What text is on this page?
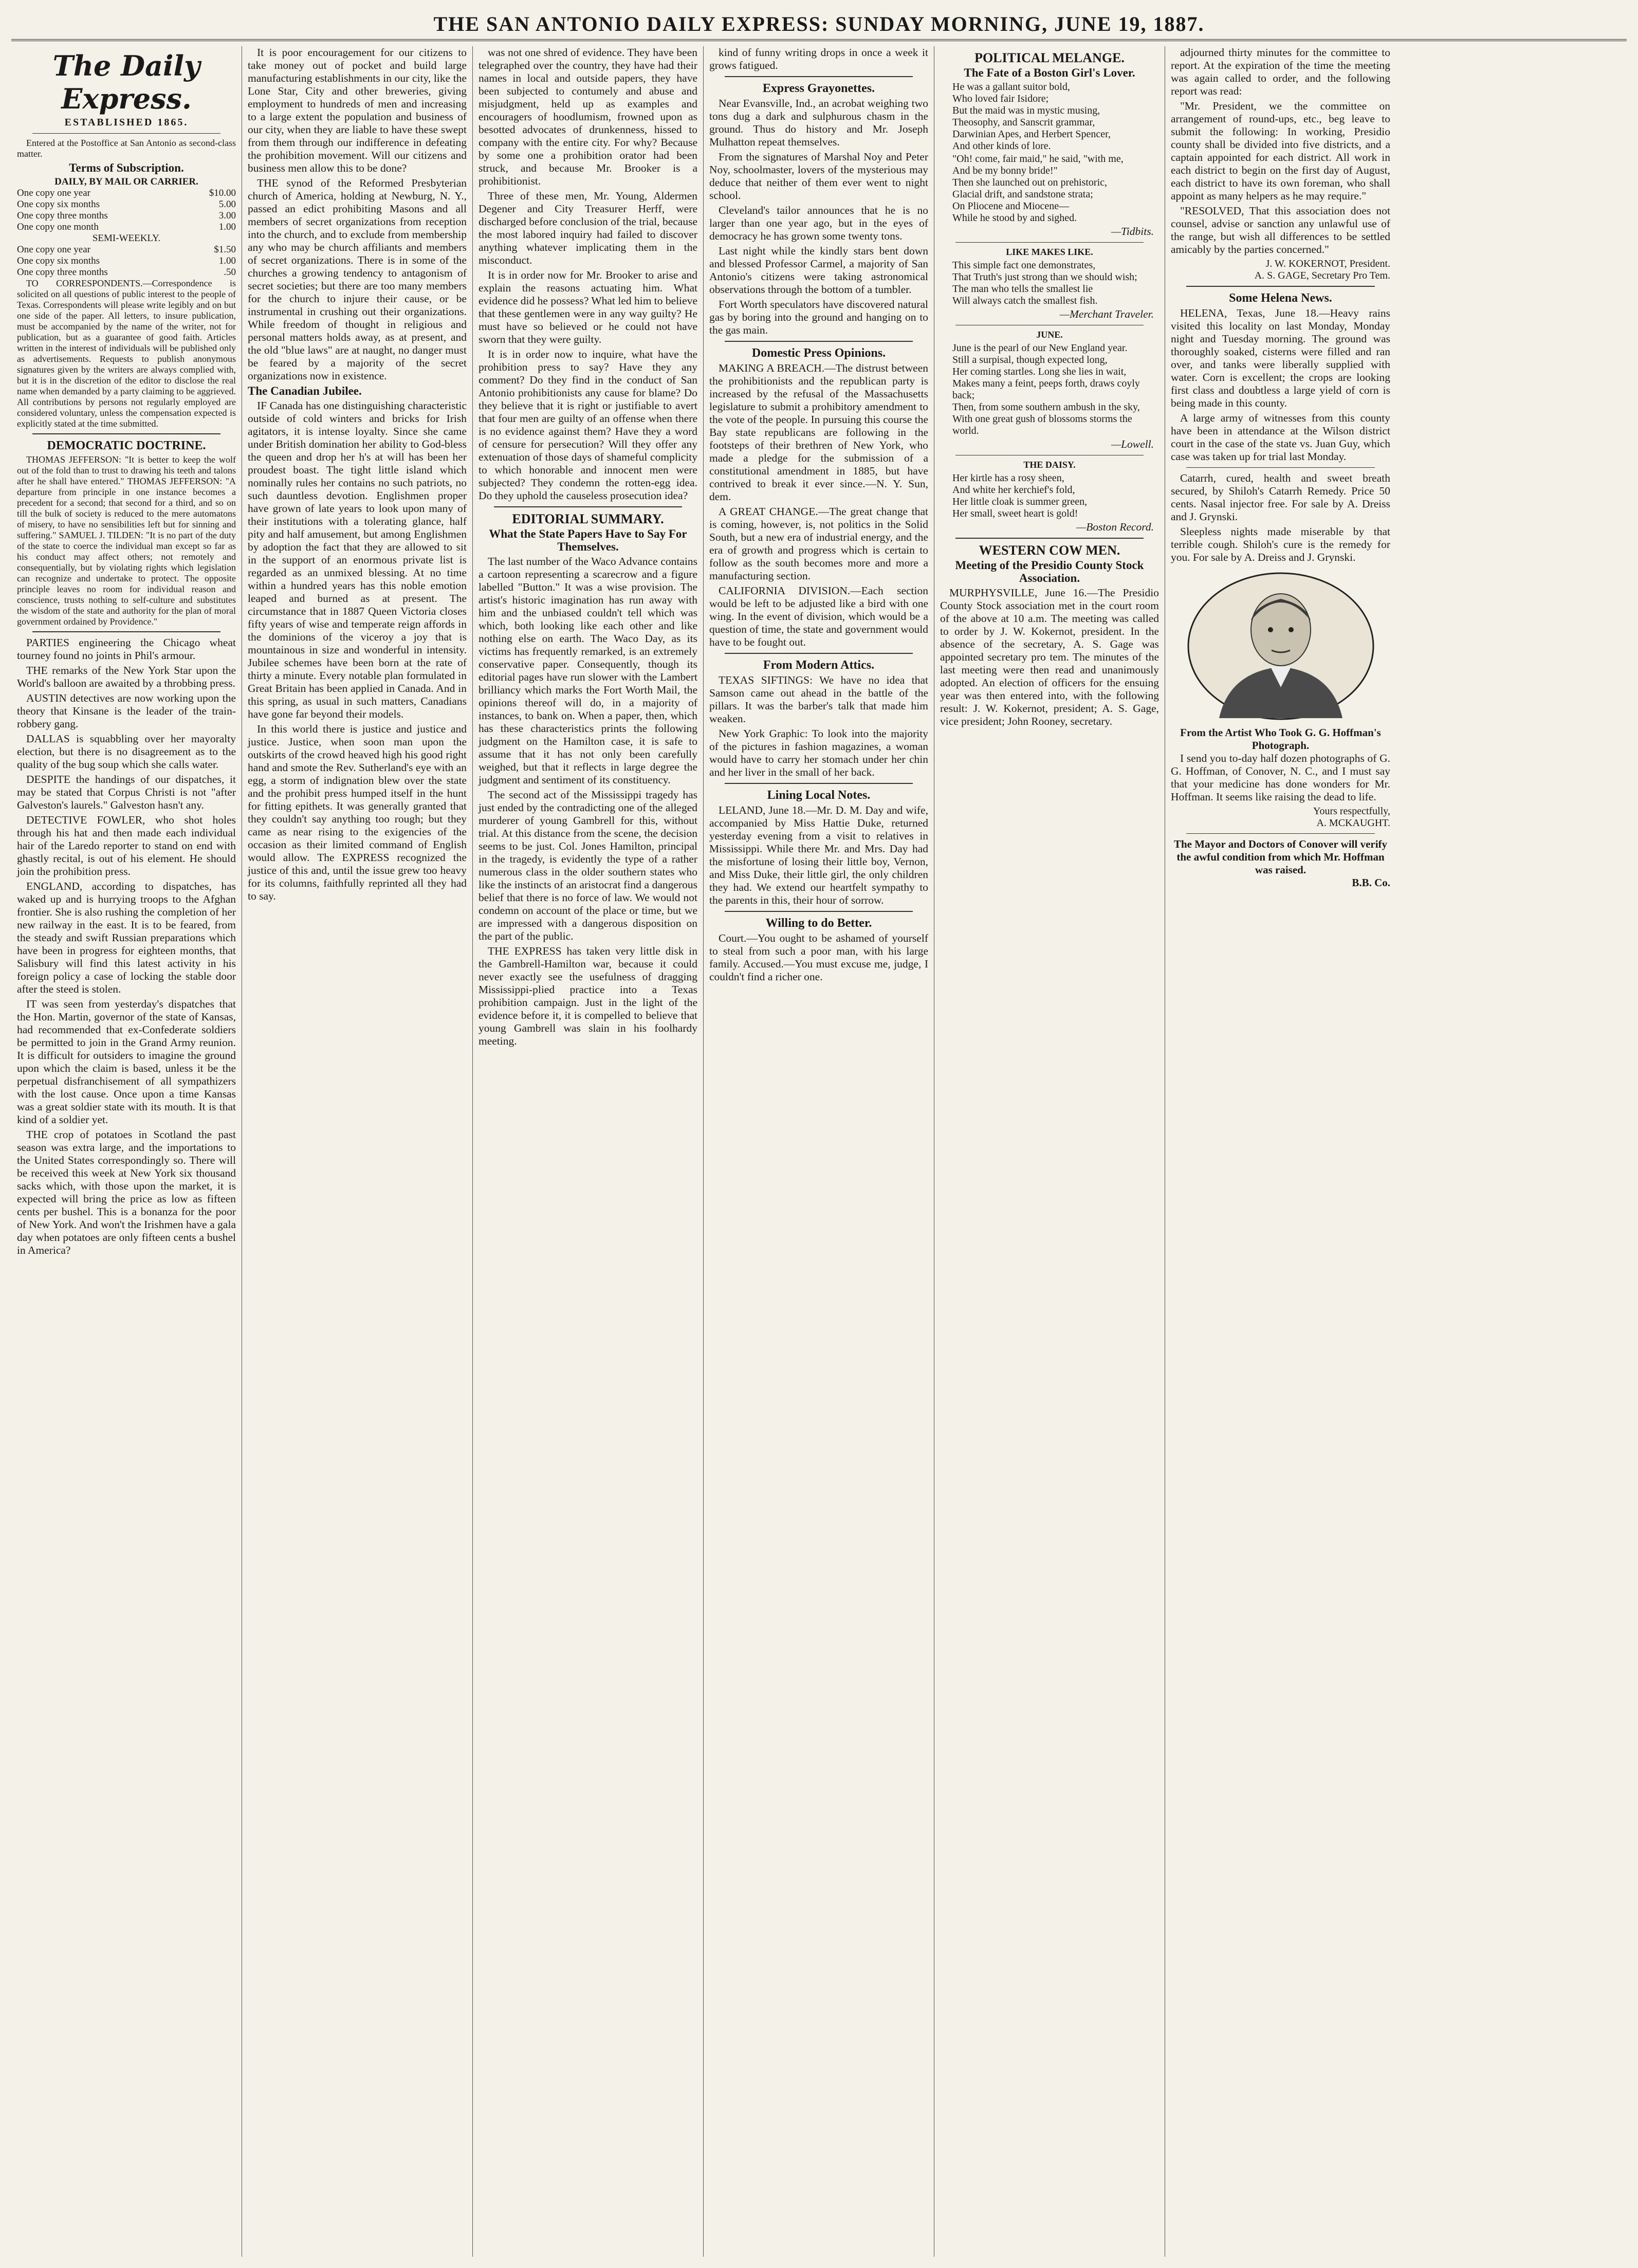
THE SAN ANTONIO DAILY EXPRESS: SUNDAY MORNING, JUNE 19, 1887.
The Daily Express.
ESTABLISHED 1865.

Entered at the Postoffice at San Antonio as second-class matter.

Terms of Subscription.
DAILY, BY MAIL OR CARRIER.
One copy one year	$10.00
One copy six months	5.00
One copy three months	3.00
One copy one month	1.00
SEMI-WEEKLY.
One copy one year	$1.50
One copy six months	1.00
One copy three months	.50

TO CORRESPONDENTS.—Correspondence is solicited on all questions of public interest to the people of Texas. Correspondents will please write legibly and on but one side of the paper. All letters, to insure publication, must be accompanied by the name of the writer, not for publication, but as a guarantee of good faith. Articles written in the interest of individuals will be published only as advertisements. Requests to publish anonymous signatures given by the writers are always complied with, but it is in the discretion of the editor to disclose the real name when demanded by a party claiming to be aggrieved. All contributions by persons not regularly employed are considered voluntary, unless the compensation expected is explicitly stated at the time submitted.

DEMOCRATIC DOCTRINE.

THOMAS JEFFERSON: "It is better to keep the wolf out of the fold than to trust to drawing his teeth and talons after he shall have entered." THOMAS JEFFERSON: "A departure from principle in one instance becomes a precedent for a second; that second for a third, and so on till the bulk of society is reduced to the mere automatons of misery, to have no sensibilities left but for sinning and suffering." SAMUEL J. TILDEN: "It is no part of the duty of the state to coerce the individual man except so far as his conduct may affect others; not remotely and consequentially, but by violating rights which legislation can recognize and undertake to protect. The opposite principle leaves no room for individual reason and conscience, trusts nothing to self-culture and substitutes the wisdom of the state and authority for the plan of moral government ordained by Providence."

PARTIES engineering the Chicago wheat tourney found no joints in Phil's armour.

THE remarks of the New York Star upon the World's balloon are awaited by a throbbing press.

AUSTIN detectives are now working upon the theory that Kinsane is the leader of the train-robbery gang.

DALLAS is squabbling over her mayoralty election, but there is no disagreement as to the quality of the bug soup which she calls water.

DESPITE the handings of our dispatches, it may be stated that Corpus Christi is not "after Galveston's laurels." Galveston hasn't any.

DETECTIVE FOWLER, who shot holes through his hat and then made each individual hair of the Laredo reporter to stand on end with ghastly recital, is out of his element. He should join the prohibition press.

ENGLAND, according to dispatches, has waked up and is hurrying troops to the Afghan frontier. She is also rushing the completion of her new railway in the east. It is to be feared, from the steady and swift Russian preparations which have been in progress for eighteen months, that Salisbury will find this latest activity in his foreign policy a case of locking the stable door after the steed is stolen.

IT was seen from yesterday's dispatches that the Hon. Martin, governor of the state of Kansas, had recommended that ex-Confederate soldiers be permitted to join in the Grand Army reunion. It is difficult for outsiders to imagine the ground upon which the claim is based, unless it be the perpetual disfranchisement of all sympathizers with the lost cause. Once upon a time Kansas was a great soldier state with its mouth. It is that kind of a soldier yet.

THE crop of potatoes in Scotland the past season was extra large, and the importations to the United States correspondingly so. There will be received this week at New York six thousand sacks which, with those upon the market, it is expected will bring the price as low as fifteen cents per bushel. This is a bonanza for the poor of New York. And won't the Irishmen have a gala day when potatoes are only fifteen cents a bushel in America?

It is poor encouragement for our citizens to take money out of pocket and build large manufacturing establishments in our city, like the Lone Star, City and other breweries, giving employment to hundreds of men and increasing to a large extent the population and business of our city, when they are liable to have these swept from them through our indifference in defeating the prohibition movement. Will our citizens and business men allow this to be done?

THE synod of the Reformed Presbyterian church of America, holding at Newburg, N. Y., passed an edict prohibiting Masons and all members of secret organizations from reception into the church, and to exclude from membership any who may be church affiliants and members of secret organizations. There is in some of the churches a growing tendency to antagonism of secret societies; but there are too many members for the church to injure their cause, or be instrumental in crushing out their organizations. While freedom of thought in religious and personal matters holds away, as at present, and the old "blue laws" are at naught, no danger must be feared by a majority of the secret organizations now in existence.

The Canadian Jubilee.

IF Canada has one distinguishing characteristic outside of cold winters and bricks for Irish agitators, it is intense loyalty. Since she came under British domination her ability to God-bless the queen and drop her h's at will has been her proudest boast. The tight little island which nominally rules her contains no such patriots, no such dauntless devotion. Englishmen proper have grown of late years to look upon many of their institutions with a tolerating glance, half pity and half amusement, but among Englishmen by adoption the fact that they are allowed to sit in the support of an enormous private list is regarded as an unmixed blessing. At no time within a hundred years has this noble emotion leaped and burned as at present. The circumstance that in 1887 Queen Victoria closes fifty years of wise and temperate reign affords in the dominions of the viceroy a joy that is mountainous in size and wonderful in intensity. Jubilee schemes have been born at the rate of thirty a minute. Every notable plan formulated in Great Britain has been applied in Canada. And in this spring, as usual in such matters, Canadians have gone far beyond their models.

In this world there is justice and justice and justice. Justice, when soon man upon the outskirts of the crowd heaved high his good right hand and smote the Rev. Sutherland's eye with an egg, a storm of indignation blew over the state and the prohibit press humped itself in the hunt for fitting epithets. It was generally granted that they couldn't say anything too rough; but they came as near rising to the exigencies of the occasion as their limited command of English would allow. The EXPRESS recognized the justice of this and, until the issue grew too heavy for its columns, faithfully reprinted all they had to say.

was not one shred of evidence. They have been telegraphed over the country, they have had their names in local and outside papers, they have been subjected to contumely and abuse and misjudgment, held up as examples and encouragers of hoodlumism, frowned upon as besotted advocates of drunkenness, hissed to company with the entire city. For why? Because by some one a prohibition orator had been struck, and because Mr. Brooker is a prohibitionist.

Three of these men, Mr. Young, Aldermen Degener and City Treasurer Herff, were discharged before conclusion of the trial, because the most labored inquiry had failed to discover anything whatever implicating them in the misconduct.

It is in order now for Mr. Brooker to arise and explain the reasons actuating him. What evidence did he possess? What led him to believe that these gentlemen were in any way guilty? He must have so believed or he could not have sworn that they were guilty.

It is in order now to inquire, what have the prohibition press to say? Have they any comment? Do they find in the conduct of San Antonio prohibitionists any cause for blame? Do they believe that it is right or justifiable to avert that four men are guilty of an offense when there is no evidence against them? Have they a word of censure for persecution? Will they offer any extenuation of those days of shameful complicity to which honorable and innocent men were subjected? They condemn the rotten-egg idea. Do they uphold the causeless prosecution idea?

EDITORIAL SUMMARY.
What the State Papers Have to Say For Themselves.

The last number of the Waco Advance contains a cartoon representing a scarecrow and a figure labelled "Button." It was a wise provision. The artist's historic imagination has run away with him and the unbiased couldn't tell which was which, both looking like each other and like nothing else on earth. The Waco Day, as its victims has frequently remarked, is an extremely conservative paper. Consequently, though its editorial pages have run slower with the Lambert brilliancy which marks the Fort Worth Mail, the opinions thereof will do, in a majority of instances, to bank on. When a paper, then, which has these characteristics prints the following judgment on the Hamilton case, it is safe to assume that it has not only been carefully weighed, but that it reflects in large degree the judgment and sentiment of its constituency.

The second act of the Mississippi tragedy has just ended by the contradicting one of the alleged murderer of young Gambrell for this, without trial. At this distance from the scene, the decision seems to be just. Col. Jones Hamilton, principal in the tragedy, is evidently the type of a rather numerous class in the older southern states who like the instincts of an aristocrat find a dangerous belief that there is no force of law. We would not condemn on account of the place or time, but we are impressed with a dangerous disposition on the part of the public.

THE EXPRESS has taken very little disk in the Gambrell-Hamilton war, because it could never exactly see the usefulness of dragging Mississippi-plied practice into a Texas prohibition campaign. Just in the light of the evidence before it, it is compelled to believe that young Gambrell was slain in his foolhardy meeting.

kind of funny writing drops in once a week it grows fatigued.

Express Grayonettes.

Near Evansville, Ind., an acrobat weighing two tons dug a dark and sulphurous chasm in the ground. Thus do history and Mr. Joseph Mulhatton repeat themselves.

From the signatures of Marshal Noy and Peter Noy, schoolmaster, lovers of the mysterious may deduce that neither of them ever went to night school.

Cleveland's tailor announces that he is no larger than one year ago, but in the eyes of democracy he has grown some twenty tons.

Last night while the kindly stars bent down and blessed Professor Carmel, a majority of San Antonio's citizens were taking astronomical observations through the bottom of a tumbler.

Fort Worth speculators have discovered natural gas by boring into the ground and hanging on to the gas main.

Domestic Press Opinions.

MAKING A BREACH.—The distrust between the prohibitionists and the republican party is increased by the refusal of the Massachusetts legislature to submit a prohibitory amendment to the vote of the people. In pursuing this course the Bay state republicans are following in the footsteps of their brethren of New York, who made a pledge for the submission of a constitutional amendment in 1885, but have contrived to break it ever since.—N. Y. Sun, dem.

A GREAT CHANGE.—The great change that is coming, however, is, not politics in the Solid South, but a new era of industrial energy, and the era of growth and progress which is certain to follow as the south becomes more and more a manufacturing section.

CALIFORNIA DIVISION.—Each section would be left to be adjusted like a bird with one wing. In the event of division, which would be a question of time, the state and government would have to be fought out.

From Modern Attics.

TEXAS SIFTINGS: We have no idea that Samson came out ahead in the battle of the pillars. It was the barber's talk that made him weaken.

New York Graphic: To look into the majority of the pictures in fashion magazines, a woman would have to carry her stomach under her chin and her liver in the small of her back.

Lining Local Notes.

LELAND, June 18.—Mr. D. M. Day and wife, accompanied by Miss Hattie Duke, returned yesterday evening from a visit to relatives in Mississippi. While there Mr. and Mrs. Day had the misfortune of losing their little boy, Vernon, and Miss Duke, their little girl, the only children they had. We extend our heartfelt sympathy to the parents in this, their hour of sorrow.

Willing to do Better.

Court.—You ought to be ashamed of yourself to steal from such a poor man, with his large family. Accused.—You must excuse me, judge, I couldn't find a richer one.

POLITICAL MELANGE.
The Fate of a Boston Girl's Lover.
He was a gallant suitor bold,
Who loved fair Isidore;
But the maid was in mystic musing,
Theosophy, and Sanscrit grammar,
Darwinian Apes, and Herbert Spencer,
And other kinds of lore.
"Oh! come, fair maid," he said, "with me,
And be my bonny bride!"
Then she launched out on prehistoric,
Glacial drift, and sandstone strata;
On Pliocene and Miocene—
While he stood by and sighed.
—Tidbits.
LIKE MAKES LIKE.
This simple fact one demonstrates,
That Truth's just strong than we should wish;
The man who tells the smallest lie
Will always catch the smallest fish.
—Merchant Traveler.
JUNE.
June is the pearl of our New England year.
Still a surpisal, though expected long,
Her coming startles. Long she lies in wait,
Makes many a feint, peeps forth, draws coyly back;
Then, from some southern ambush in the sky,
With one great gush of blossoms storms the world.
—Lowell.
THE DAISY.
Her kirtle has a rosy sheen,
And white her kerchief's fold,
Her little cloak is summer green,
Her small, sweet heart is gold!
—Boston Record.
WESTERN COW MEN.
Meeting of the Presidio County Stock Association.

MURPHYSVILLE, June 16.—The Presidio County Stock association met in the court room of the above at 10 a.m. The meeting was called to order by J. W. Kokernot, president. In the absence of the secretary, A. S. Gage was appointed secretary pro tem. The minutes of the last meeting were then read and unanimously adopted. An election of officers for the ensuing year was then entered into, with the following result: J. W. Kokernot, president; A. S. Gage, vice president; John Rooney, secretary.

adjourned thirty minutes for the committee to report. At the expiration of the time the meeting was again called to order, and the following report was read:

"Mr. President, we the committee on arrangement of round-ups, etc., beg leave to submit the following: In working, Presidio county shall be divided into five districts, and a captain appointed for each district. All work in each district to begin on the first day of August, each district to have its own foreman, who shall appoint as many helpers as he may require."

"RESOLVED, That this association does not counsel, advise or sanction any unlawful use of the range, but wish all differences to be settled amicably by the parties concerned."

J. W. KOKERNOT, President.
A. S. GAGE, Secretary Pro Tem.
Some Helena News.

HELENA, Texas, June 18.—Heavy rains visited this locality on last Monday, Monday night and Tuesday morning. The ground was thoroughly soaked, cisterns were filled and ran over, and tanks were liberally supplied with water. Corn is excellent; the crops are looking first class and doubtless a large yield of corn is being made in this county.

A large army of witnesses from this county have been in attendance at the Wilson district court in the case of the state vs. Juan Guy, which case was taken up for trial last Monday.

Catarrh, cured, health and sweet breath secured, by Shiloh's Catarrh Remedy. Price 50 cents. Nasal injector free. For sale by A. Dreiss and J. Grynski.

Sleepless nights made miserable by that terrible cough. Shiloh's cure is the remedy for you. For sale by A. Dreiss and J. Grynski.

From the Artist Who Took G. G. Hoffman's Photograph.

I send you to-day half dozen photographs of G. G. Hoffman, of Conover, N. C., and I must say that your medicine has done wonders for Mr. Hoffman. It seems like raising the dead to life.

Yours respectfully,
A. MCKAUGHT.
The Mayor and Doctors of Conover will verify the awful condition from which Mr. Hoffman was raised.
B.B. Co.
